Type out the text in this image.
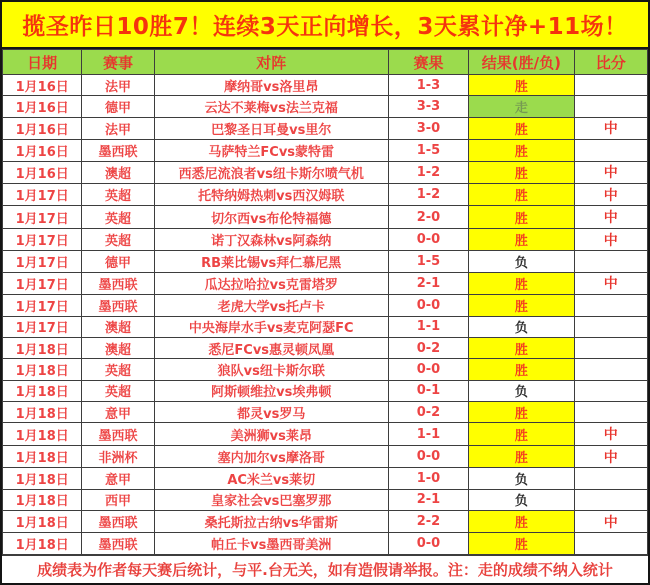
揽圣昨日10胜7！连续3天正向增长，3天累计净+11场！
日期	赛事	对阵	赛果	结果(胜/负)	比分
1月16日	法甲	摩纳哥vs洛里昂	1-3	胜	
1月16日	德甲	云达不莱梅vs法兰克福	3-3	走	
1月16日	法甲	巴黎圣日耳曼vs里尔	3-0	胜	中
1月16日	墨西联	马萨特兰FCvs蒙特雷	1-5	胜	
1月16日	澳超	西悉尼流浪者vs纽卡斯尔喷气机	1-2	胜	中
1月17日	英超	托特纳姆热刺vs西汉姆联	1-2	胜	中
1月17日	英超	切尔西vs布伦特福德	2-0	胜	中
1月17日	英超	诺丁汉森林vs阿森纳	0-0	胜	中
1月17日	德甲	RB莱比锡vs拜仁慕尼黑	1-5	负	
1月17日	墨西联	瓜达拉哈拉vs克雷塔罗	2-1	胜	中
1月17日	墨西联	老虎大学vs托卢卡	0-0	胜	
1月17日	澳超	中央海岸水手vs麦克阿瑟FC	1-1	负	
1月18日	澳超	悉尼FCvs惠灵顿凤凰	0-2	胜	
1月18日	英超	狼队vs纽卡斯尔联	0-0	胜	
1月18日	英超	阿斯顿维拉vs埃弗顿	0-1	负	
1月18日	意甲	都灵vs罗马	0-2	胜	
1月18日	墨西联	美洲狮vs莱昂	1-1	胜	中
1月18日	非洲杯	塞内加尔vs摩洛哥	0-0	胜	中
1月18日	意甲	AC米兰vs莱切	1-0	负	
1月18日	西甲	皇家社会vs巴塞罗那	2-1	负	
1月18日	墨西联	桑托斯拉古纳vs华雷斯	2-2	胜	中
1月18日	墨西联	帕丘卡vs墨西哥美洲	0-0	胜	
成绩表为作者每天赛后统计，与平.台无关，如有造假请举报。注：走的成绩不纳入统计
